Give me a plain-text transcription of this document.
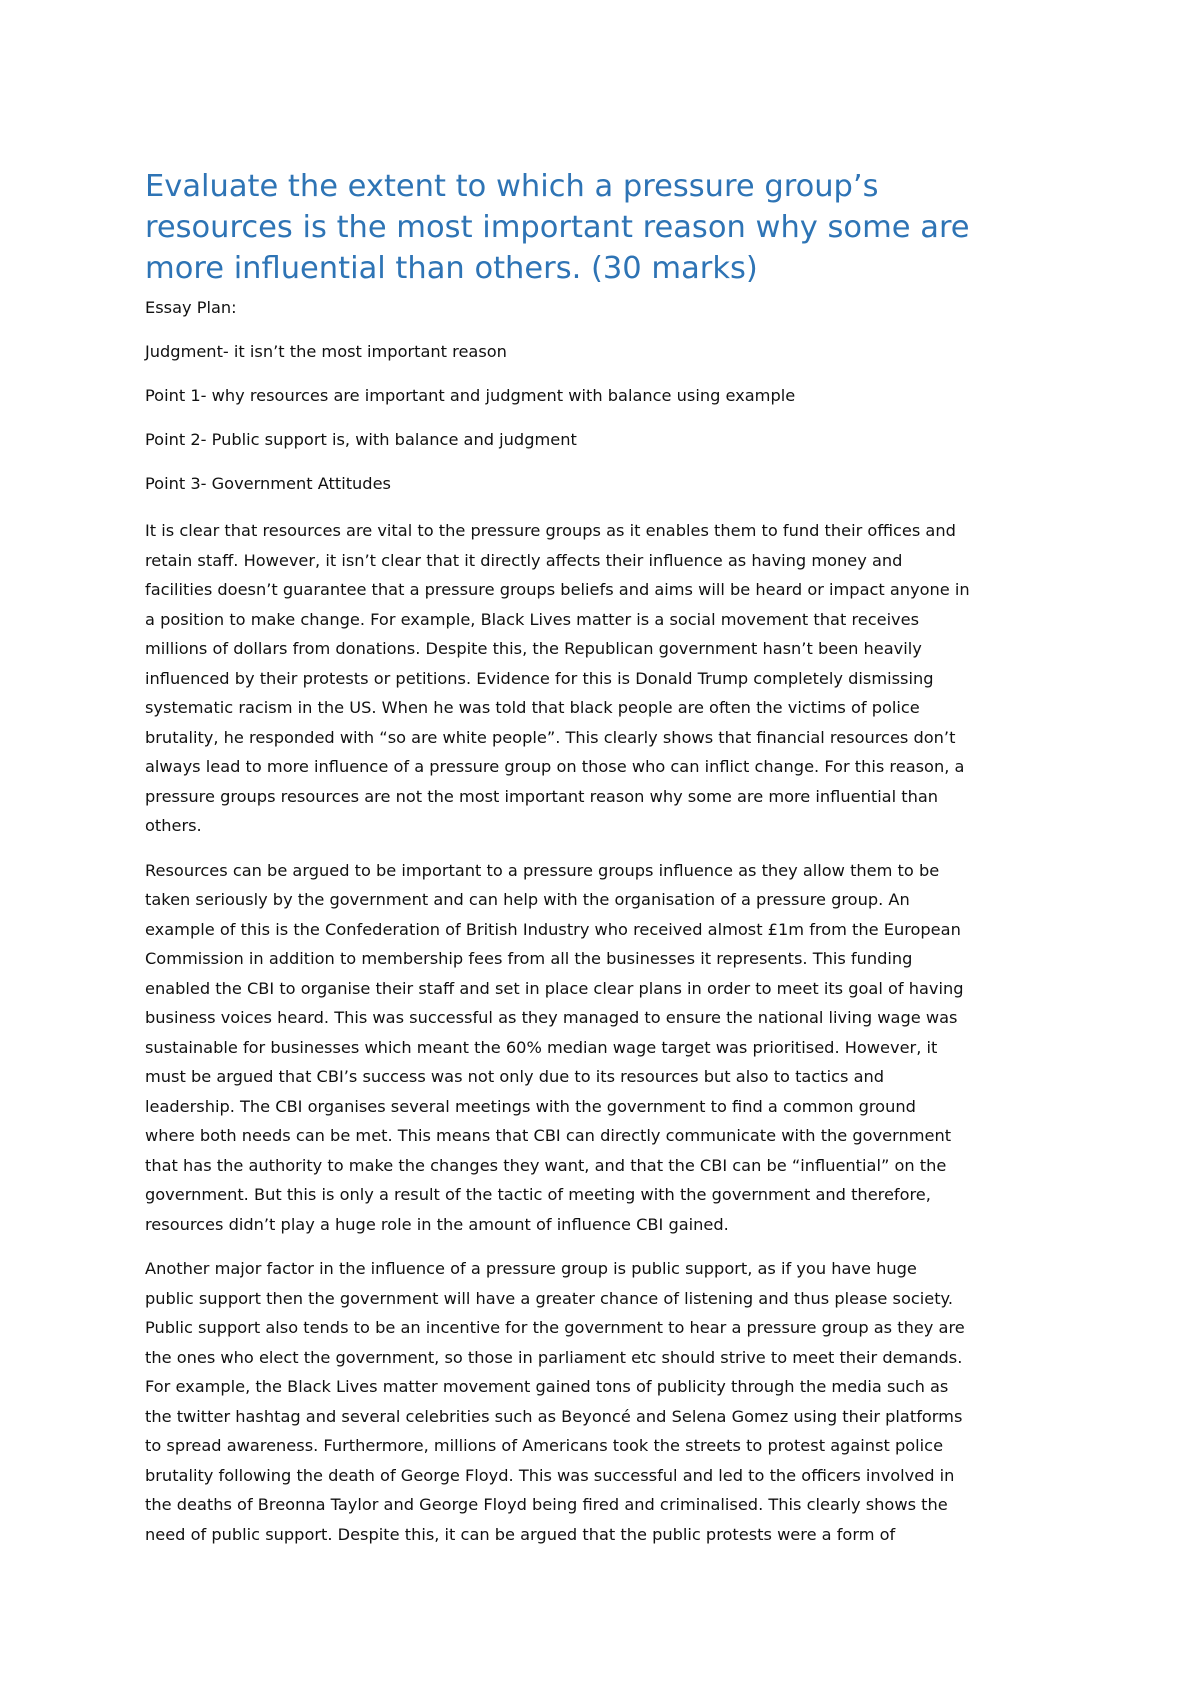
Evaluate the extent to which a pressure group’s
resources is the most important reason why some are
more influential than others. (30 marks)

Essay Plan:

Judgment- it isn’t the most important reason

Point 1- why resources are important and judgment with balance using example

Point 2- Public support is, with balance and judgment

Point 3- Government Attitudes

It is clear that resources are vital to the pressure groups as it enables them to fund their offices and
retain staff. However, it isn’t clear that it directly affects their influence as having money and
facilities doesn’t guarantee that a pressure groups beliefs and aims will be heard or impact anyone in
a position to make change. For example, Black Lives matter is a social movement that receives
millions of dollars from donations. Despite this, the Republican government hasn’t been heavily
influenced by their protests or petitions. Evidence for this is Donald Trump completely dismissing
systematic racism in the US. When he was told that black people are often the victims of police
brutality, he responded with “so are white people”. This clearly shows that financial resources don’t
always lead to more influence of a pressure group on those who can inflict change. For this reason, a
pressure groups resources are not the most important reason why some are more influential than
others.

Resources can be argued to be important to a pressure groups influence as they allow them to be
taken seriously by the government and can help with the organisation of a pressure group. An
example of this is the Confederation of British Industry who received almost £1m from the European
Commission in addition to membership fees from all the businesses it represents. This funding
enabled the CBI to organise their staff and set in place clear plans in order to meet its goal of having
business voices heard. This was successful as they managed to ensure the national living wage was
sustainable for businesses which meant the 60% median wage target was prioritised. However, it
must be argued that CBI’s success was not only due to its resources but also to tactics and
leadership. The CBI organises several meetings with the government to find a common ground
where both needs can be met. This means that CBI can directly communicate with the government
that has the authority to make the changes they want, and that the CBI can be “influential” on the
government. But this is only a result of the tactic of meeting with the government and therefore,
resources didn’t play a huge role in the amount of influence CBI gained.

Another major factor in the influence of a pressure group is public support, as if you have huge
public support then the government will have a greater chance of listening and thus please society.
Public support also tends to be an incentive for the government to hear a pressure group as they are
the ones who elect the government, so those in parliament etc should strive to meet their demands.
For example, the Black Lives matter movement gained tons of publicity through the media such as
the twitter hashtag and several celebrities such as Beyoncé and Selena Gomez using their platforms
to spread awareness. Furthermore, millions of Americans took the streets to protest against police
brutality following the death of George Floyd. This was successful and led to the officers involved in
the deaths of Breonna Taylor and George Floyd being fired and criminalised. This clearly shows the
need of public support. Despite this, it can be argued that the public protests were a form of
